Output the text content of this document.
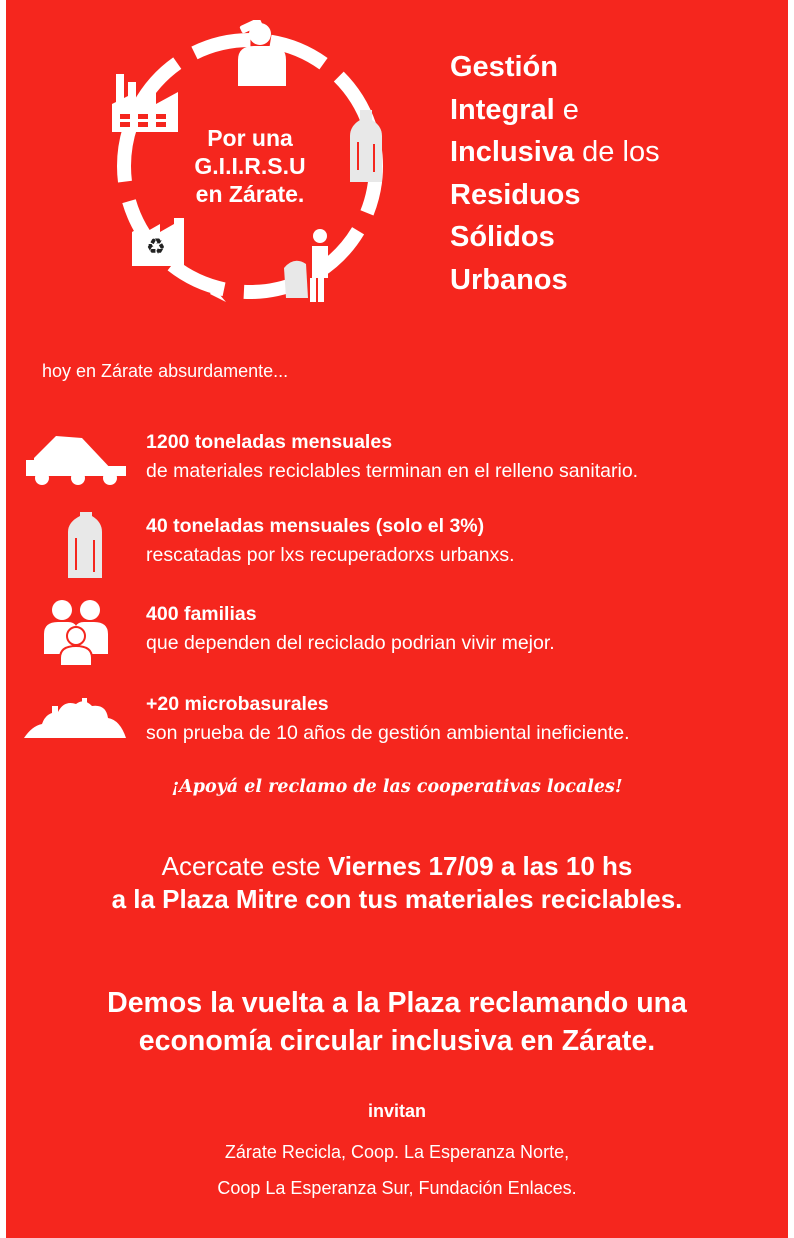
♻
Por una
G.I.I.R.S.U
en Zárate.
Gestión
Integral e
Inclusiva de los
Residuos
Sólidos
Urbanos
hoy en Zárate absurdamente...
1200 toneladas mensuales
de materiales reciclables terminan en el relleno sanitario.
40 toneladas mensuales (solo el 3%)
rescatadas por lxs recuperadorxs urbanxs.
400 familias
que dependen del reciclado podrian vivir mejor.
+20 microbasurales
son prueba de 10 años de gestión ambiental ineficiente.
¡Apoyá el reclamo de las cooperativas locales!
Acercate este Viernes 17/09 a las 10 hs
a la Plaza Mitre con tus materiales reciclables.
Demos la vuelta a la Plaza reclamando una
economía circular inclusiva en Zárate.
invitan
Zárate Recicla, Coop. La Esperanza Norte,
Coop La Esperanza Sur, Fundación Enlaces.
